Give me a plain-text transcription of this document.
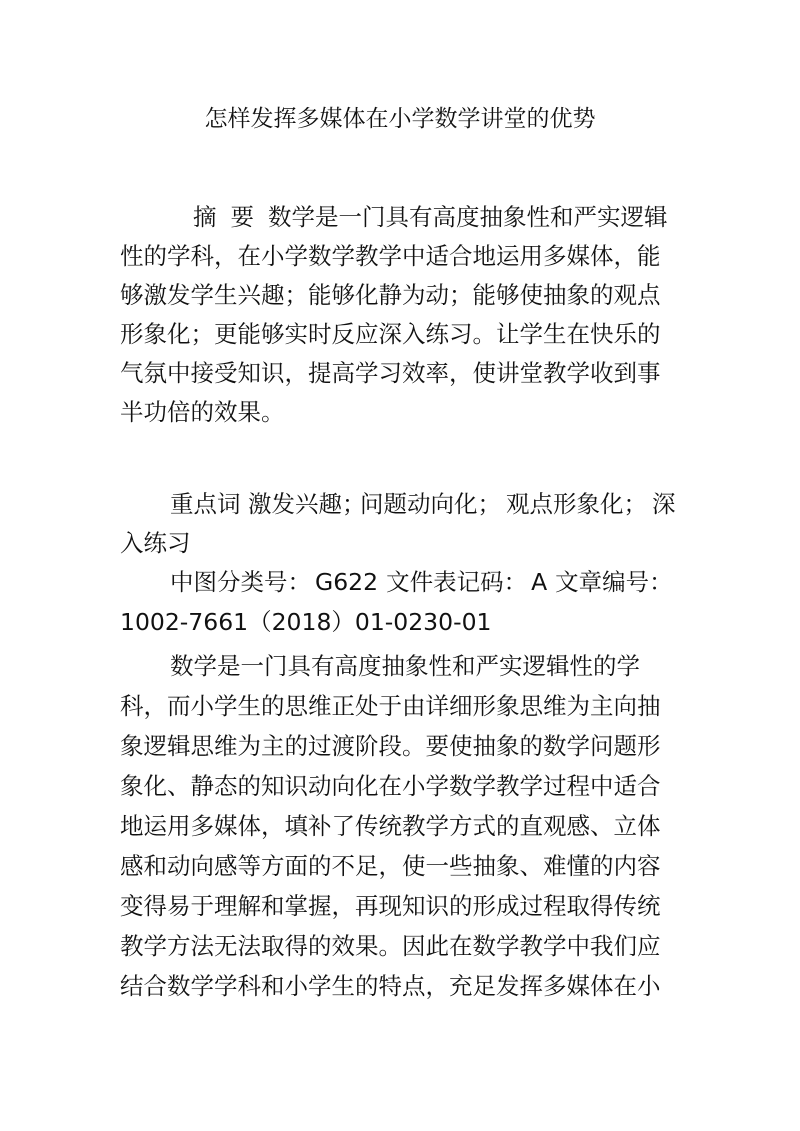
怎样发挥多媒体在小学数学讲堂的优势
摘 要 数学是一门具有高度抽象性和严实逻辑
性的学科，在小学数学教学中适合地运用多媒体，能
够激发学生兴趣；能够化静为动；能够使抽象的观点
形象化；更能够实时反应深入练习。让学生在快乐的
气氛中接受知识，提高学习效率，使讲堂教学收到事
半功倍的效果。
重点词 激发兴趣；
问题动向化； 观点形象化； 深
入练习
中图分类号： G622 文件表记码： A 文章编号：
1002-7661（2018）01-0230-01
数学是一门具有高度抽象性和严实逻辑性的学
科，而小学生的思维正处于由详细形象思维为主向抽
象逻辑思维为主的过渡阶段。要使抽象的数学问题形
象化、静态的知识动向化在小学数学教学过程中适合
地运用多媒体，填补了传统教学方式的直观感、立体
感和动向感等方面的不足，使一些抽象、难懂的内容
变得易于理解和掌握，再现知识的形成过程取得传统
教学方法无法取得的效果。因此在数学教学中我们应
结合数学学科和小学生的特点，充足发挥多媒体在小
